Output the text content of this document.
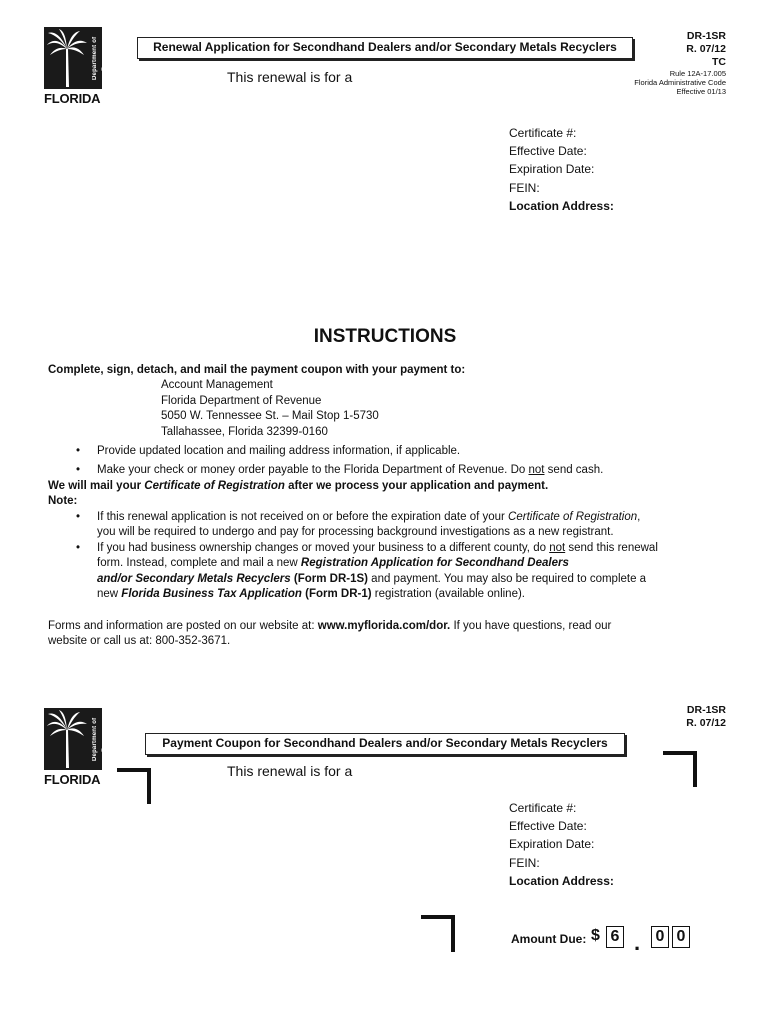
Department of Revenue
FLORIDA
Renewal Application for Secondhand Dealers and/or Secondary Metals Recyclers
DR-1SR
R. 07/12
TC
Rule 12A-17.005
Florida Administrative Code
Effective 01/13
This renewal is for a
Certificate #:
Effective Date:
Expiration Date:
FEIN:
Location Address:
INSTRUCTIONS
Complete, sign, detach, and mail the payment coupon with your payment to:
Account Management
Florida Department of Revenue
5050 W. Tennessee St. – Mail Stop 1-5730
Tallahassee, Florida 32399-0160
• Provide updated location and mailing address information, if applicable.
• Make your check or money order payable to the Florida Department of Revenue. Do not send cash.
We will mail your Certificate of Registration after we process your application and payment.
Note:
• If this renewal application is not received on or before the expiration date of your Certificate of Registration,
you will be required to undergo and pay for processing background investigations as a new registrant.
• If you had business ownership changes or moved your business to a different county, do not send this renewal
form. Instead, complete and mail a new Registration Application for Secondhand Dealers
and/or Secondary Metals Recyclers (Form DR-1S) and payment. You may also be required to complete a
new Florida Business Tax Application (Form DR-1) registration (available online).
Forms and information are posted on our website at: www.myflorida.com/dor. If you have questions, read our
website or call us at: 800-352-3671.
Department of Revenue
FLORIDA
DR-1SR
R. 07/12
Payment Coupon for Secondhand Dealers and/or Secondary Metals Recyclers
This renewal is for a
Certificate #:
Effective Date:
Expiration Date:
FEIN:
Location Address:
Amount Due: $ 6 . 0 0
